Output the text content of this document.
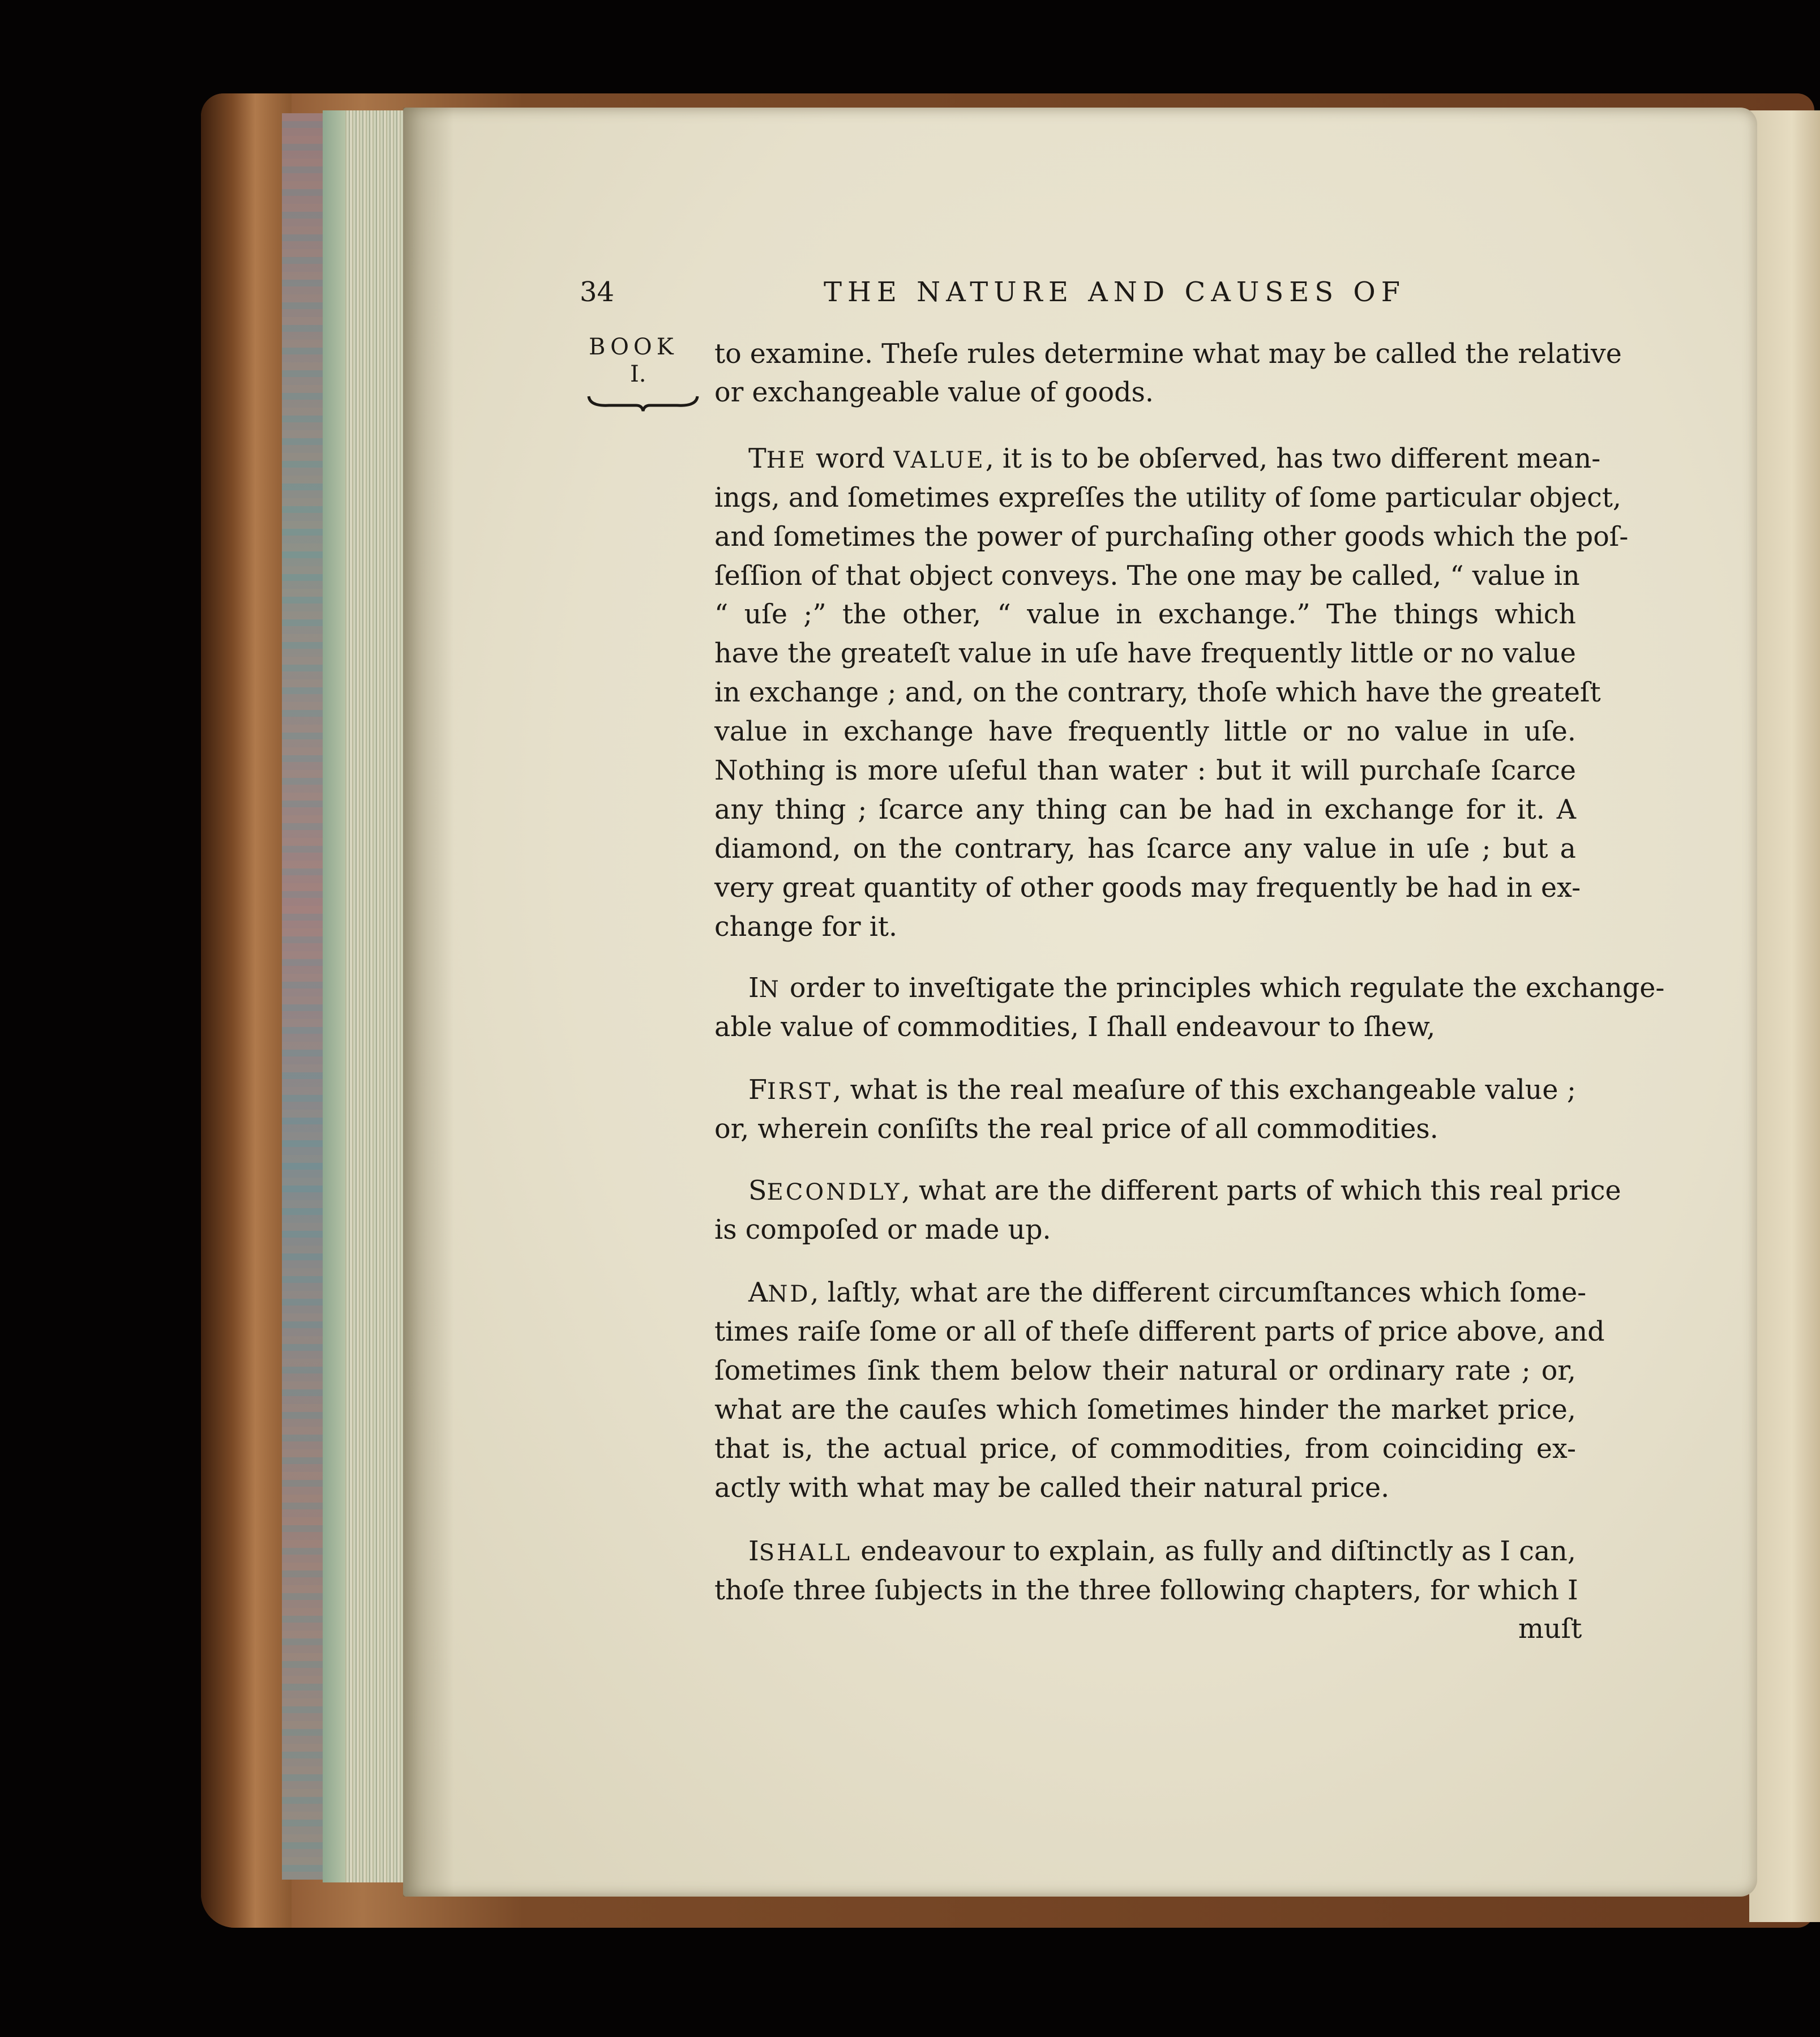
34	THE NATURE AND CAUSES OF
BOOK
I.
to examine. Theſe rules determine what may be called the relative
or exchangeable value of goods.
THE word VALUE, it is to be obſerved, has two different mean-
ings, and ſometimes expreſſes the utility of ſome particular object,
and ſometimes the power of purchaſing other goods which the poſ-
ſeſſion of that object conveys. The one may be called, “ value in
“ uſe ;” the other, “ value in exchange.” The things which
have the greateſt value in uſe have frequently little or no value
in exchange ; and, on the contrary, thoſe which have the greateſt
value in exchange have frequently little or no value in uſe.
Nothing is more uſeful than water : but it will purchaſe ſcarce
any thing ; ſcarce any thing can be had in exchange for it. A
diamond, on the contrary, has ſcarce any value in uſe ; but a
very great quantity of other goods may frequently be had in ex-
change for it.
IN order to inveſtigate the principles which regulate the exchange-
able value of commodities, I ſhall endeavour to ſhew,
FIRST, what is the real meaſure of this exchangeable value ;
or, wherein conſiſts the real price of all commodities.
SECONDLY, what are the different parts of which this real price
is compoſed or made up.
AND, laſtly, what are the different circumſtances which ſome-
times raiſe ſome or all of theſe different parts of price above, and
ſometimes ſink them below their natural or ordinary rate ; or,
what are the cauſes which ſometimes hinder the market price,
that is, the actual price, of commodities, from coinciding ex-
actly with what may be called their natural price.
ISHALL endeavour to explain, as fully and diſtinctly as I can,
thoſe three ſubjects in the three following chapters, for which I
muſt
